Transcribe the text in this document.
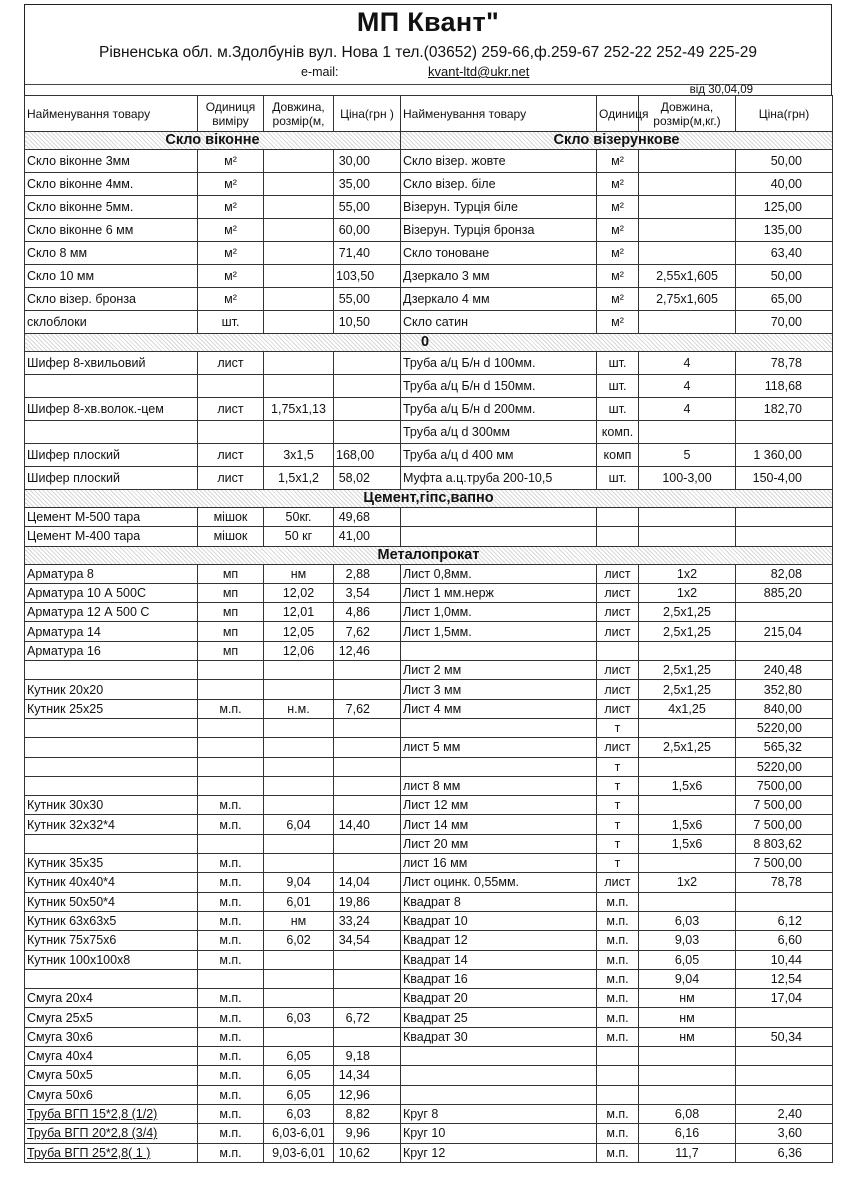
МП Квант"
Рівненська обл. м.Здолбунів вул. Нова 1 тел.(03652) 259-66,ф.259-67 252-22 252-49 225-29
e-mail:	kvant-ltd@ukr.net
від 30,04,09
Найменування товару	Одиниця виміру	Довжина, розмір(м,	Ціна(грн )	Найменування товару	Одиниця	Довжина, розмір(м,кг.)	Ціна(грн)
Скло віконне				Скло візерункове			
Скло віконне 3мм	м²		30,00	Скло візер. жовте	м²		50,00
Скло віконне 4мм.	м²		35,00	Скло візер. біле	м²		40,00
Скло віконне 5мм.	м²		55,00	Візерун. Турція біле	м²		125,00
Скло віконне 6 мм	м²		60,00	Візерун. Турція бронза	м²		135,00
Скло 8 мм	м²		71,40	Скло тоноване	м²		63,40
Скло 10 мм	м²		103,50	Дзеркало 3 мм	м²	2,55x1,605	50,00
Скло візер. бронза	м²		55,00	Дзеркало 4 мм	м²	2,75x1,605	65,00
склоблоки	шт.		10,50	Скло сатин	м²		70,00
				0			
Шифер 8-хвильовий	лист			Труба а/ц Б/н d 100мм.	шт.	4	78,78
				Труба а/ц Б/н d 150мм.	шт.	4	118,68
Шифер 8-хв.волок.-цем	лист	1,75x1,13		Труба а/ц Б/н d 200мм.	шт.	4	182,70
				Труба а/ц d 300мм	комп.		
Шифер плоский	лист	3x1,5	168,00	Труба а/ц d 400 мм	комп	5	1 360,00
Шифер плоский	лист	1,5x1,2	58,02	Муфта а.ц.труба 200-10,5	шт.	100-3,00	150-4,00
Цемент,гіпс,вапно							
Цемент М-500 тара	мішок	50кг.	49,68				
Цемент М-400 тара	мішок	50 кг	41,00				
Металопрокат							
Арматура 8	мп	нм	2,88	Лист 0,8мм.	лист	1x2	82,08
Арматура 10 А 500С	мп	12,02	3,54	Лист 1 мм.нерж	лист	1x2	885,20
Арматура 12 А 500 С	мп	12,01	4,86	Лист 1,0мм.	лист	2,5x1,25	
Арматура 14	мп	12,05	7,62	Лист 1,5мм.	лист	2,5x1,25	215,04
Арматура 16	мп	12,06	12,46				
				Лист 2 мм	лист	2,5x1,25	240,48
Кутник 20x20				Лист 3 мм	лист	2,5x1,25	352,80
Кутник 25x25	м.п.	н.м.	7,62	Лист 4 мм	лист	4x1,25	840,00
					т		5220,00
				лист 5 мм	лист	2,5x1,25	565,32
					т		5220,00
				лист 8 мм	т	1,5x6	7500,00
Кутник 30x30	м.п.			Лист 12 мм	т		7 500,00
Кутник 32x32*4	м.п.	6,04	14,40	Лист 14 мм	т	1,5x6	7 500,00
				Лист 20 мм	т	1,5x6	8 803,62
Кутник 35x35	м.п.			лист 16 мм	т		7 500,00
Кутник 40x40*4	м.п.	9,04	14,04	Лист оцинк. 0,55мм.	лист	1x2	78,78
Кутник 50x50*4	м.п.	6,01	19,86	Квадрат 8	м.п.		
Кутник 63x63x5	м.п.	нм	33,24	Квадрат 10	м.п.	6,03	6,12
Кутник 75x75x6	м.п.	6,02	34,54	Квадрат 12	м.п.	9,03	6,60
Кутник 100x100x8	м.п.			Квадрат 14	м.п.	6,05	10,44
				Квадрат 16	м.п.	9,04	12,54
Смуга 20x4	м.п.			Квадрат 20	м.п.	нм	17,04
Смуга 25x5	м.п.	6,03	6,72	Квадрат 25	м.п.	нм	
Смуга 30x6	м.п.			Квадрат 30	м.п.	нм	50,34
Смуга 40x4	м.п.	6,05	9,18				
Смуга 50x5	м.п.	6,05	14,34				
Смуга 50x6	м.п.	6,05	12,96				
Труба ВГП 15*2,8 (1/2)	м.п.	6,03	8,82	Круг 8	м.п.	6,08	2,40
Труба ВГП 20*2,8 (3/4)	м.п.	6,03-6,01	9,96	Круг 10	м.п.	6,16	3,60
Труба ВГП 25*2,8( 1 )	м.п.	9,03-6,01	10,62	Круг 12	м.п.	11,7	6,36
